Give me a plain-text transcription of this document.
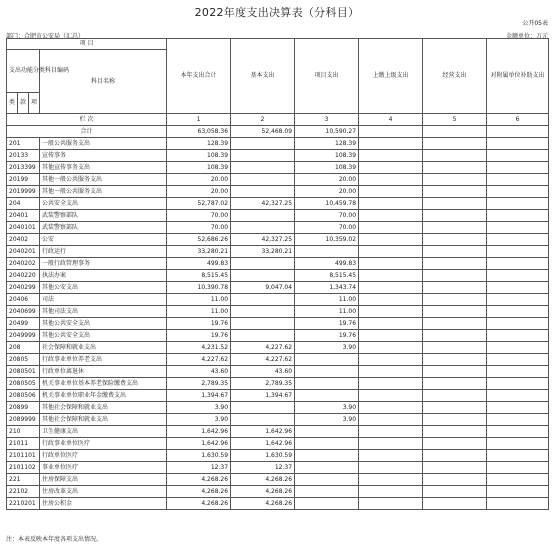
2022年度支出决算表（分科目）
公开05表
部门：合肥市公安局（汇总）	金额单位：万元
项 目				本年支出合计	基本支出	项目支出	上缴上级支出	经营支出	对附属单位补助支出
支出功能分类科目编码			科目名称						
类	款	项							
栏 次				1	2	3	4	5	6
合计				63,058.36	52,468.09	10,590.27			
201			一般公共服务支出	128.39		128.39			
20133			宣传事务	108.39		108.39			
2013399			其他宣传事务支出	108.39		108.39			
20199			其他一般公共服务支出	20.00		20.00			
2019999			其他一般公共服务支出	20.00		20.00			
204			公共安全支出	52,787.02	42,327.25	10,459.78			
20401			武装警察部队	70.00		70.00			
2040101			武装警察部队	70.00		70.00			
20402			公安	52,686.26	42,327.25	10,359.02			
2040201			行政运行	33,280.21	33,280.21				
2040202			一般行政管理事务	499.83		499.83			
2040220			执法办案	8,515.45		8,515.45			
2040299			其他公安支出	10,390.78	9,047.04	1,343.74			
20406			司法	11.00		11.00			
2040699			其他司法支出	11.00		11.00			
20499			其他公共安全支出	19.76		19.76			
2049999			其他公共安全支出	19.76		19.76			
208			社会保障和就业支出	4,231.52	4,227.62	3.90			
20805			行政事业单位养老支出	4,227.62	4,227.62				
2080501			行政单位离退休	43.60	43.60				
2080505			机关事业单位基本养老保险缴费支出	2,789.35	2,789.35				
2080506			机关事业单位职业年金缴费支出	1,394.67	1,394.67				
20899			其他社会保障和就业支出	3.90		3.90			
2089999			其他社会保障和就业支出	3.90		3.90			
210			卫生健康支出	1,642.96	1,642.96				
21011			行政事业单位医疗	1,642.96	1,642.96				
2101101			行政单位医疗	1,630.59	1,630.59				
2101102			事业单位医疗	12.37	12.37				
221			住房保障支出	4,268.26	4,268.26				
22102			住房改革支出	4,268.26	4,268.26				
2210201			住房公积金	4,268.26	4,268.26				
注：本表反映本年度各项支出情况。
